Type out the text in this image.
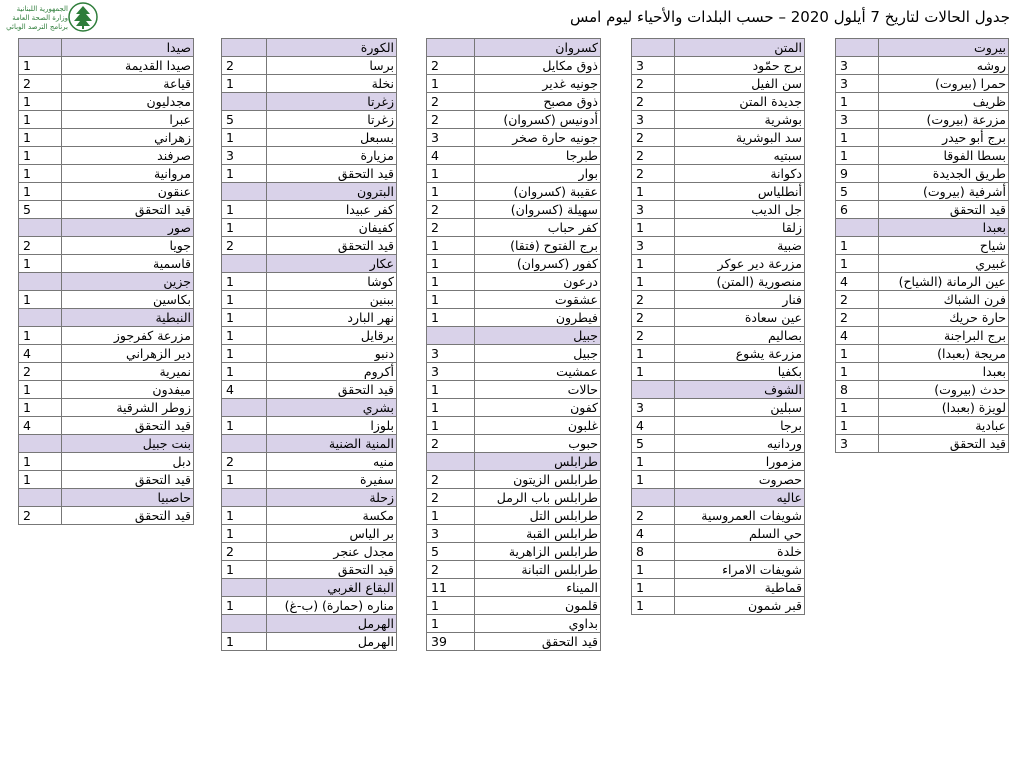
الجمهورية اللبنانية
وزارة الصحة العامة
برنامج الترصد الوبائي
جدول الحالات لتاريخ 7 أيلول 2020 – حسب البلدات والأحياء ليوم امس
	بيروت
3	روشه
3	حمرا (بيروت)
1	ظريف
3	مزرعة (بيروت)
1	برج أبو حيدر
1	بسطا الفوقا
9	طريق الجديدة
5	أشرفية (بيروت)
6	قيد التحقق
	بعبدا
1	شياح
1	غبيري
4	عين الرمانة (الشياح)
2	فرن الشباك
2	حارة حريك
4	برج البراجنة
1	مريجة (بعبدا)
1	بعبدا
8	حدث (بيروت)
1	لويزة (بعبدا)
1	عبادية
3	قيد التحقق
	المتن
3	برج حمّود
2	سن الفيل
2	جديدة المتن
3	بوشرية
2	سد البوشرية
2	سبتيه
2	دكوانة
1	أنطلياس
3	جل الديب
1	زلقا
3	ضبية
1	مزرعة دير عوكر
1	منصورية (المتن)
2	فنار
2	عين سعادة
2	بصاليم
1	مزرعة يشوع
1	بكفيا
	الشوف
3	سبلين
4	برجا
5	وردانيه
1	مزمورا
1	حصروت
	عاليه
2	شويفات العمروسية
4	حي السلم
8	خلدة
1	شويفات الامراء
1	قماطية
1	قبر شمون
	كسروان
2	ذوق مكايل
1	جونيه غدير
2	ذوق مصبح
2	أدونيس (كسروان)
3	جونيه حارة صخر
4	طبرجا
1	بوار
1	عقيبة (كسروان)
2	سهيلة (كسروان)
2	كفر حباب
1	برج الفتوح (فتقا)
1	كفور (كسروان)
1	درعون
1	عشقوت
1	فيطرون
	جبيل
3	جبيل
3	عمشيت
1	حالات
1	كفون
1	غلبون
2	حبوب
	طرابلس
2	طرابلس الزيتون
2	طرابلس باب الرمل
1	طرابلس التل
3	طرابلس القبة
5	طرابلس الزاهرية
2	طرابلس التبانة
11	الميناء
1	قلمون
1	بداوي
39	قيد التحقق
	الكورة
2	برسا
1	نخلة
	زغرتا
5	زغرتا
1	بسبعل
3	مزيارة
1	قيد التحقق
	البترون
1	كفر عبيدا
1	كفيفان
2	قيد التحقق
	عكار
1	كوشا
1	ببنين
1	نهر البارد
1	برقايل
1	دنبو
1	أكروم
4	قيد التحقق
	بشري
1	بلوزا
	المنية الضنية
2	منيه
1	سفيرة
	زحلة
1	مكسة
1	بر الياس
2	مجدل عنجر
1	قيد التحقق
	البقاع الغربي
1	مناره (حمارة) (ب-غ)
	الهرمل
1	الهرمل
	صيدا
1	صيدا القديمة
2	قياعة
1	مجدليون
1	عبرا
1	زهراني
1	صرفند
1	مروانية
1	عنقون
5	قيد التحقق
	صور
2	جويا
1	قاسمية
	جزين
1	بكاسين
	النبطية
1	مزرعة كفرجوز
4	دير الزهراني
2	نميرية
1	ميفدون
1	زوطر الشرقية
4	قيد التحقق
	بنت جبيل
1	دبل
1	قيد التحقق
	حاصبيا
2	قيد التحقق
